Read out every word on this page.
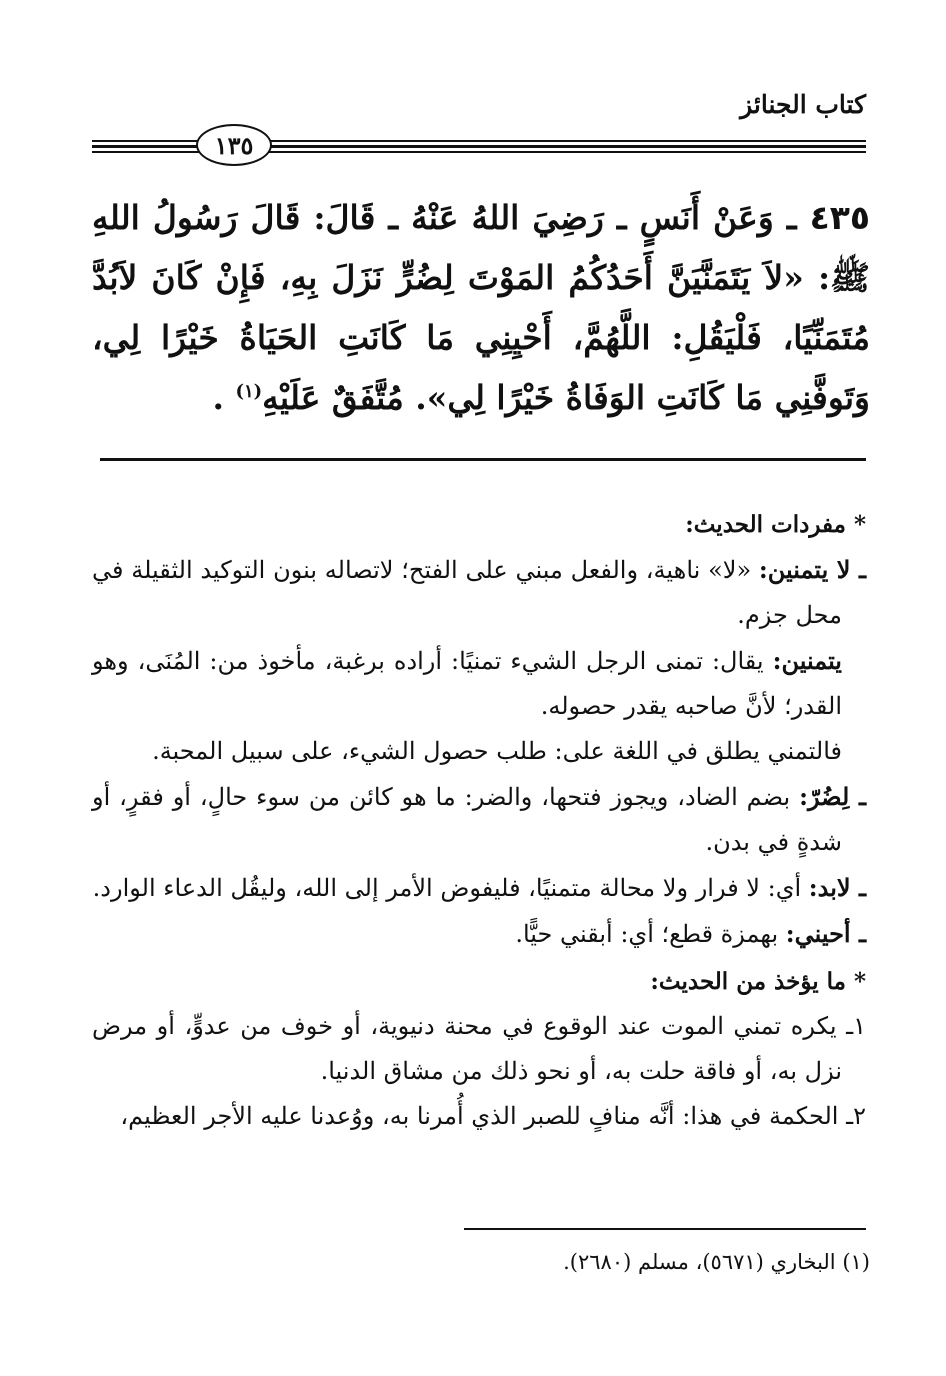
كتاب الجنائز
١٣٥
٤٣٥ ـ وَعَنْ أَنَسٍ ـ رَضِيَ اللهُ عَنْهُ ـ قَالَ: قَالَ رَسُولُ اللهِ ﷺ: «لاَ يَتَمَنَّيَنَّ أَحَدُكُمُ المَوْتَ لِضُرٍّ نَزَلَ بِهِ، فَإِنْ كَانَ لاَبُدَّ مُتَمَنِّيًا، فَلْيَقُلِ: اللَّهُمَّ، أَحْيِنِي مَا كَانَتِ الحَيَاةُ خَيْرًا لِي، وَتَوفَّنِي مَا كَانَتِ الوَفَاةُ خَيْرًا لِي». مُتَّفَقٌ عَلَيْهِ$^{(١)}$ .

* مفردات الحديث:

ـ لا يتمنين: «لا» ناهية، والفعل مبني على الفتح؛ لاتصاله بنون التوكيد الثقيلة في محل جزم.

يتمنين: يقال: تمنى الرجل الشيء تمنيًا: أراده برغبة، مأخوذ من: المُنَى، وهو القدر؛ لأنَّ صاحبه يقدر حصوله.

فالتمني يطلق في اللغة على: طلب حصول الشيء، على سبيل المحبة.

ـ لِضُرّ: بضم الضاد، ويجوز فتحها، والضر: ما هو كائن من سوء حالٍ، أو فقرٍ، أو شدةٍ في بدن.

ـ لابد: أي: لا فرار ولا محالة متمنيًا، فليفوض الأمر إلى الله، وليقُل الدعاء الوارد.

ـ أحيني: بهمزة قطع؛ أي: أبقني حيًّا.

* ما يؤخذ من الحديث:

١ـ يكره تمني الموت عند الوقوع في محنة دنيوية، أو خوف من عدوٍّ، أو مرض نزل به، أو فاقة حلت به، أو نحو ذلك من مشاق الدنيا.

٢ـ الحكمة في هذا: أنَّه منافٍ للصبر الذي أُمرنا به، ووُعدنا عليه الأجر العظيم،

(١) البخاري (٥٦٧١)، مسلم (٢٦٨٠).
